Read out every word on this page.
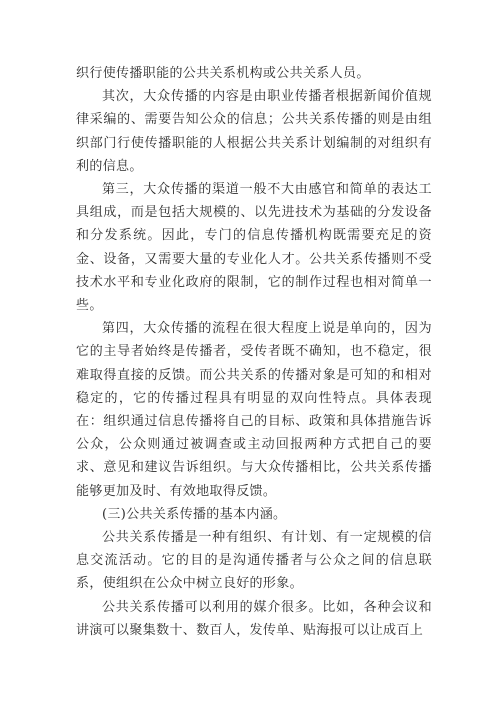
织行使传播职能的公共关系机构或公共关系人员。

其次，大众传播的内容是由职业传播者根据新闻价值规律采编的、需要告知公众的信息；公共关系传播的则是由组织部门行使传播职能的人根据公共关系计划编制的对组织有利的信息。

第三，大众传播的渠道一般不大由感官和简单的表达工具组成，而是包括大规模的、以先进技术为基础的分发设备和分发系统。因此，专门的信息传播机构既需要充足的资金、设备，又需要大量的专业化人才。公共关系传播则不受技术水平和专业化政府的限制，它的制作过程也相对简单一些。

第四，大众传播的流程在很大程度上说是单向的，因为它的主导者始终是传播者，受传者既不确知，也不稳定，很难取得直接的反馈。而公共关系的传播对象是可知的和相对稳定的，它的传播过程具有明显的双向性特点。具体表现在：组织通过信息传播将自己的目标、政策和具体措施告诉公众，公众则通过被调查或主动回报两种方式把自己的要求、意见和建议告诉组织。与大众传播相比，公共关系传播能够更加及时、有效地取得反馈。

(三)公共关系传播的基本内涵。

公共关系传播是一种有组织、有计划、有一定规模的信息交流活动。它的目的是沟通传播者与公众之间的信息联系，使组织在公众中树立良好的形象。

公共关系传播可以利用的媒介很多。比如，各种会议和讲演可以聚集数十、数百人，发传单、贴海报可以让成百上
